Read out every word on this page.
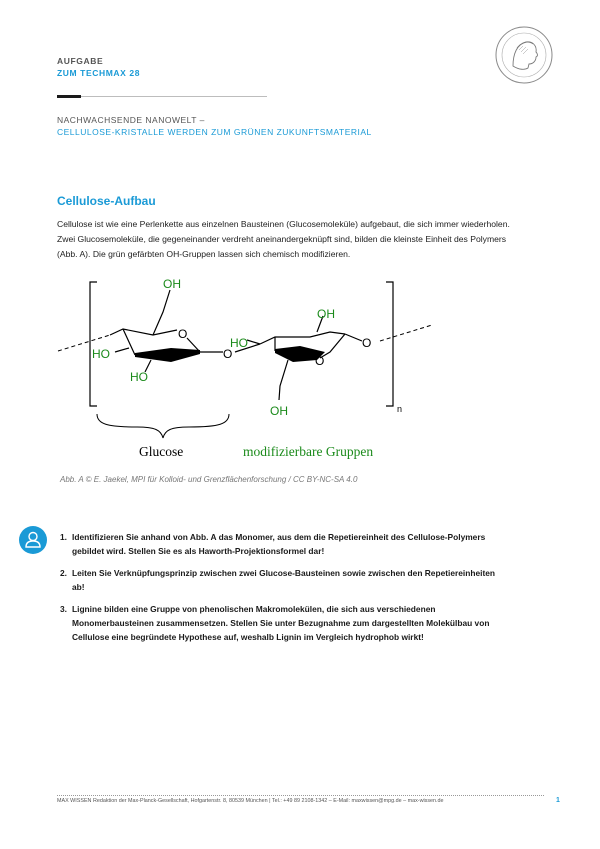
AUFGABE
ZUM TECHMAX 28
NACHWACHSENDE NANOWELT –
CELLULOSE-KRISTALLE WERDEN ZUM GRÜNEN ZUKUNFTSMATERIAL
Cellulose-Aufbau
Cellulose ist wie eine Perlenkette aus einzelnen Bausteinen (Glucosemoleküle) aufgebaut, die sich immer wiederholen. Zwei Glucosemoleküle, die gegeneinander verdreht aneinandergeknüpft sind, bilden die kleinste Einheit des Polymers (Abb. A). Die grün gefärbten OH-Gruppen lassen sich chemisch modifizieren.
n
O
OH
HO
HO
O
HO
OH
O
OH
O
Glucose	modifizierbare Gruppen
Abb. A © E. Jaekel, MPI für Kolloid- und Grenzflächenforschung / CC BY-NC-SA 4.0
1. Identifizieren Sie anhand von Abb. A das Monomer, aus dem die Repetiereinheit des Cellulose-Polymers gebildet wird. Stellen Sie es als Haworth-Projektionsformel dar!
2. Leiten Sie Verknüpfungsprinzip zwischen zwei Glucose-Bausteinen sowie zwischen den Repetiereinheiten ab!
3. Lignine bilden eine Gruppe von phenolischen Makromolekülen, die sich aus verschiedenen Monomerbausteinen zusammensetzen. Stellen Sie unter Bezugnahme zum dargestellten Molekülbau von Cellulose eine begründete Hypothese auf, weshalb Lignin im Vergleich hydrophob wirkt!
MAX WISSEN Redaktion der Max-Planck-Gesellschaft, Hofgartenstr. 8, 80539 München | Tel.: +49 89 2108-1342 – E-Mail: maxwissen@mpg.de – max-wissen.de	1
